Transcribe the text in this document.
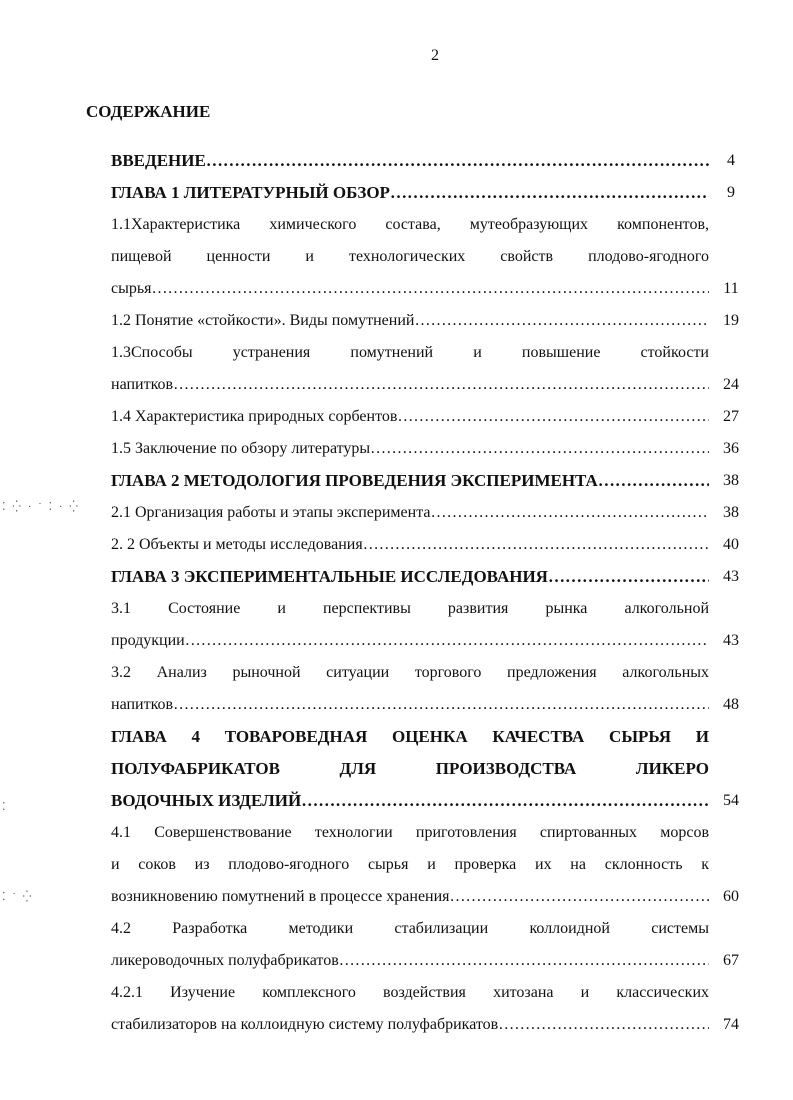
2
СОДЕРЖАНИЕ
ВВЕДЕНИЕ ………………………………………………………………………………………………………………………………	4
ГЛАВА 1 ЛИТЕРАТУРНЫЙ ОБЗОР ………………………………………………………………………………………………………………………………	9
1.1Характеристика химического состава, мутеобразующих компонентов,
пищевой ценности и технологических свойств плодово-ягодного
сырья ………………………………………………………………………………………………………………………………	11
1.2 Понятие «стойкости». Виды помутнений ………………………………………………………………………………………………………………………………	19
1.3Способы устранения помутнений и повышение стойкости
напитков ………………………………………………………………………………………………………………………………	24
1.4 Характеристика природных сорбентов ………………………………………………………………………………………………………………………………	27
1.5 Заключение по обзору литературы ………………………………………………………………………………………………………………………………	36
ГЛАВА 2 МЕТОДОЛОГИЯ ПРОВЕДЕНИЯ ЭКСПЕРИМЕНТА ………………………………………………………………………………………………………………………………	38
2.1 Организация работы и этапы эксперимента ………………………………………………………………………………………………………………………………	38
2. 2 Объекты и методы исследования ………………………………………………………………………………………………………………………………	40
ГЛАВА 3 ЭКСПЕРИМЕНТАЛЬНЫЕ ИССЛЕДОВАНИЯ ………………………………………………………………………………………………………………………………	43
3.1 Состояние и перспективы развития рынка алкогольной
продукции ………………………………………………………………………………………………………………………………	43
3.2 Анализ рыночной ситуации торгового предложения алкогольных
напитков ………………………………………………………………………………………………………………………………	48
ГЛАВА 4 ТОВАРОВЕДНАЯ ОЦЕНКА КАЧЕСТВА СЫРЬЯ И
ПОЛУФАБРИКАТОВ ДЛЯ ПРОИЗВОДСТВА ЛИКЕРО
ВОДОЧНЫХ ИЗДЕЛИЙ ………………………………………………………………………………………………………………………………	54
4.1 Совершенствование технологии приготовления спиртованных морсов
и соков из плодово-ягодного сырья и проверка их на склонность к
возникновению помутнений в процессе хранения ………………………………………………………………………………………………………………………………	60
4.2 Разработка методики стабилизации коллоидной системы
ликероводочных полуфабрикатов ………………………………………………………………………………………………………………………………	67
4.2.1 Изучение комплексного воздействия хитозана и классических
стабилизаторов на коллоидную систему полуфабрикатов ………………………………………………………………………………………………………………………………	74
⁚ ⁛ · ˙ ⁚ · ⁛
⁚
⁚ ˙ ⁛
